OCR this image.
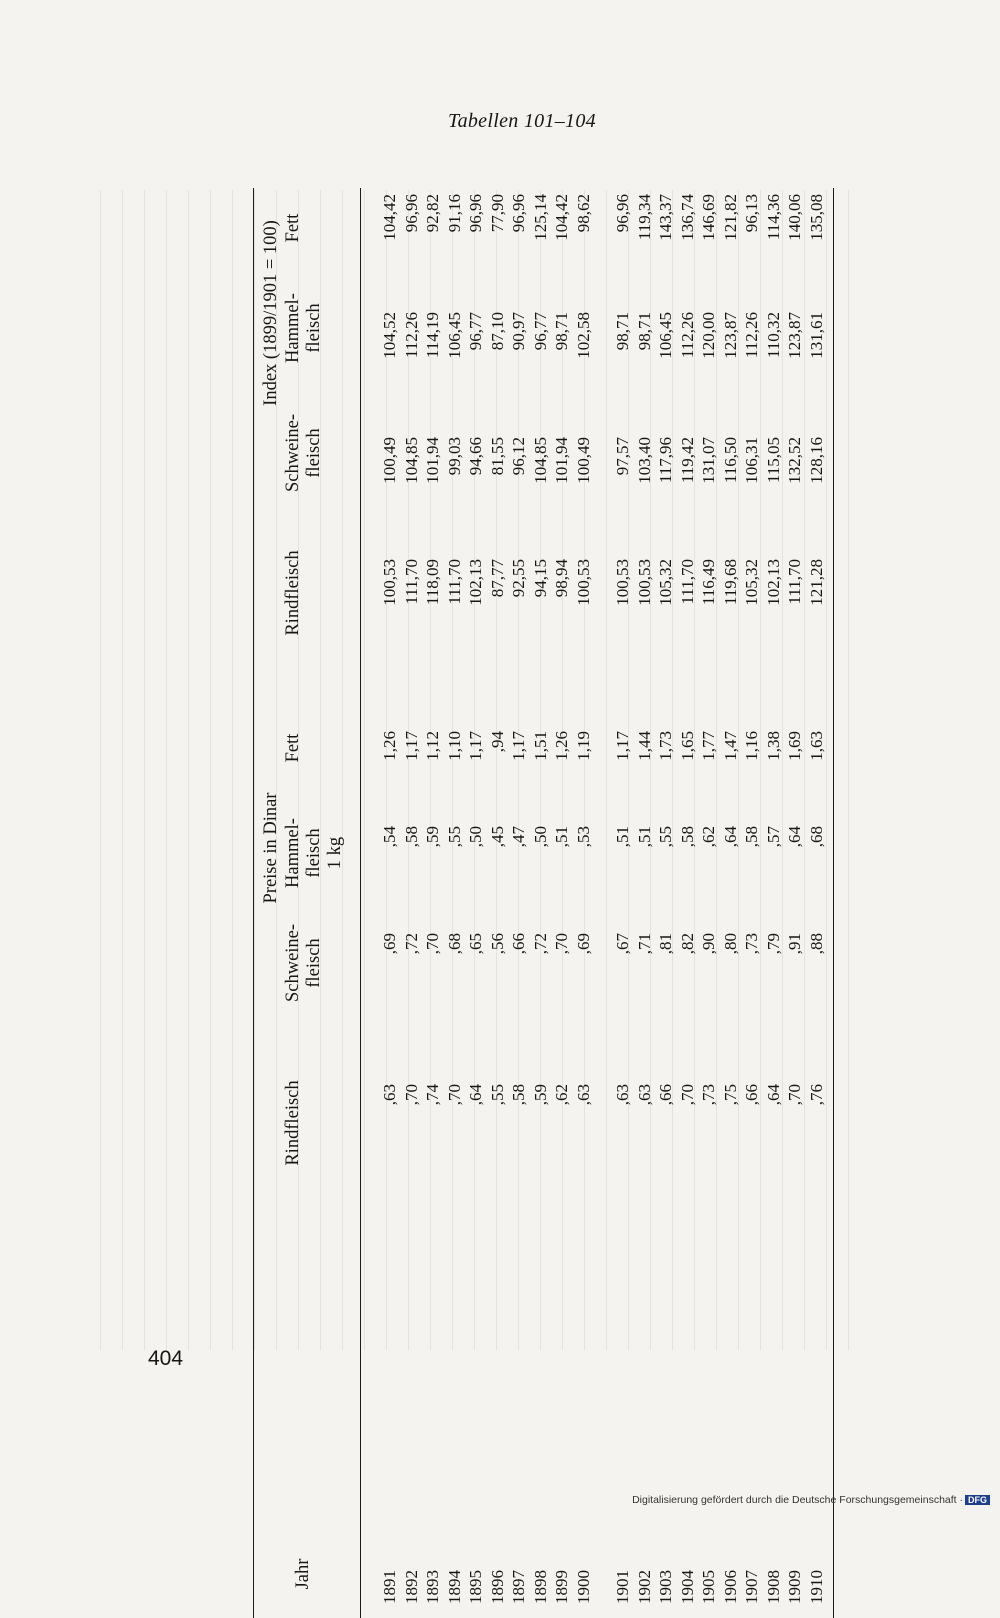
Tabellen 101–104
404
Preise in Dinar
Index (1899/1901 = 100)
Jahr
Rindfleisch
Schweine- fleisch
Hammel- fleisch 1 kg
Fett
Rindfleisch
Schweine- fleisch
Hammel- fleisch
Fett
1891
,63
,69
,54
1,26
100,53
100,49
104,52
104,42
1892
,70
,72
,58
1,17
111,70
104,85
112,26
96,96
1893
,74
,70
,59
1,12
118,09
101,94
114,19
92,82
1894
,70
,68
,55
1,10
111,70
99,03
106,45
91,16
1895
,64
,65
,50
1,17
102,13
94,66
96,77
96,96
1896
,55
,56
,45
,94
87,77
81,55
87,10
77,90
1897
,58
,66
,47
1,17
92,55
96,12
90,97
96,96
1898
,59
,72
,50
1,51
94,15
104,85
96,77
125,14
1899
,62
,70
,51
1,26
98,94
101,94
98,71
104,42
1900
,63
,69
,53
1,19
100,53
100,49
102,58
98,62
1901
,63
,67
,51
1,17
100,53
97,57
98,71
96,96
1902
,63
,71
,51
1,44
100,53
103,40
98,71
119,34
1903
,66
,81
,55
1,73
105,32
117,96
106,45
143,37
1904
,70
,82
,58
1,65
111,70
119,42
112,26
136,74
1905
,73
,90
,62
1,77
116,49
131,07
120,00
146,69
1906
,75
,80
,64
1,47
119,68
116,50
123,87
121,82
1907
,66
,73
,58
1,16
105,32
106,31
112,26
96,13
1908
,64
,79
,57
1,38
102,13
115,05
110,32
114,36
1909
,70
,91
,64
1,69
111,70
132,52
123,87
140,06
1910
,76
,88
,68
1,63
121,28
128,16
131,61
135,08
Digitalisierung gefördert durch die Deutsche Forschungsgemeinschaft · DFG
